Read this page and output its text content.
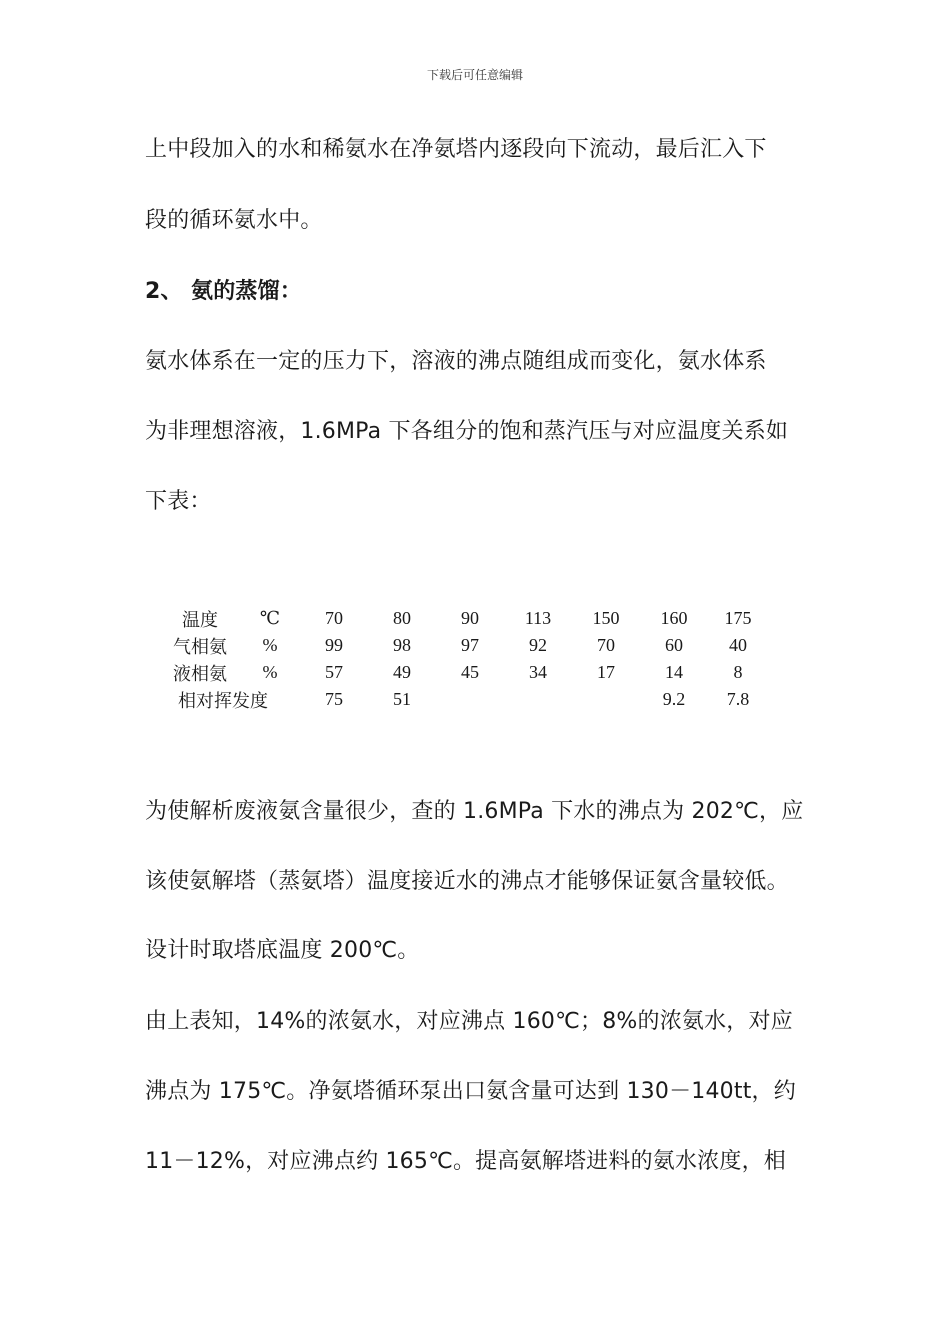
下载后可任意编辑
上中段加入的水和稀氨水在净氨塔内逐段向下流动，最后汇入下
段的循环氨水中。
2、 氨的蒸馏：
氨水体系在一定的压力下，溶液的沸点随组成而变化，氨水体系
为非理想溶液，1.6MPa 下各组分的饱和蒸汽压与对应温度关系如
下表：
温度	℃	70	80	90	113	150	160	175
气相氨	%	99	98	97	92	70	60	40
液相氨	%	57	49	45	34	17	14	8
相对挥发度		75	51				9.2	7.8
为使解析废液氨含量很少，查的 1.6MPa 下水的沸点为 202℃，应
该使氨解塔（蒸氨塔）温度接近水的沸点才能够保证氨含量较低。
设计时取塔底温度 200℃。
由上表知，14%的浓氨水，对应沸点 160℃；8%的浓氨水，对应
沸点为 175℃。净氨塔循环泵出口氨含量可达到 130－140tt，约
11－12%，对应沸点约 165℃。提高氨解塔进料的氨水浓度，相
